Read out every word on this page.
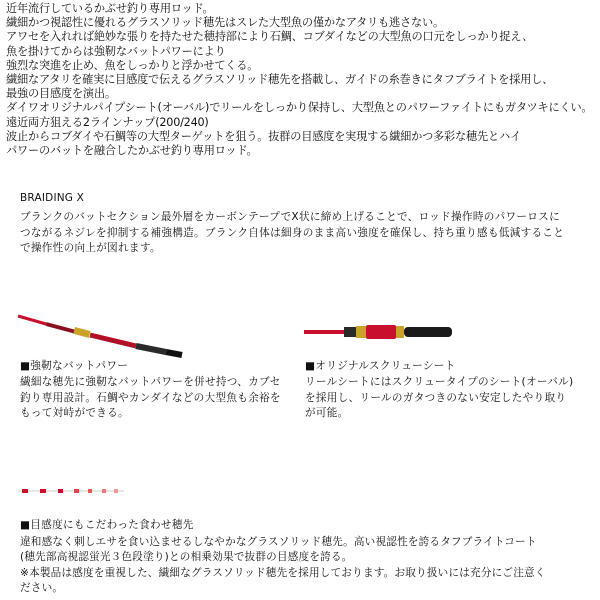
近年流行しているかぶせ釣り専用ロッド。
繊細かつ視認性に優れるグラスソリッド穂先はスレた大型魚の僅かなアタリも逃さない。
アワセを入れれば絶妙な張りを持たせた穂持部により石鯛、コブダイなどの大型魚の口元をしっかり捉え、
魚を掛けてからは強靭なバットパワーにより
強烈な突進を止め、魚をしっかりと浮かせてくる。
繊細なアタリを確実に目感度で伝えるグラスソリッド穂先を搭載し、ガイドの糸巻きにタフブライトを採用し、
最強の目感度を演出。
ダイワオリジナルパイプシート(オーバル)でリールをしっかり保持し、大型魚とのパワーファイトにもガタツキにくい。
遠近両方狙える2ラインナップ(200/240)
波止からコブダイや石鯛等の大型ターゲットを狙う。抜群の目感度を実現する繊細かつ多彩な穂先とハイ
パワーのバットを融合したかぶせ釣り専用ロッド。
BRAIDING X
ブランクのバットセクション最外層をカーボンテープでX状に締め上げることで、ロッド操作時のパワーロスに
つながるネジレを抑制する補強構造。ブランク自体は細身のまま高い強度を確保し、持ち重り感も低減すること
で操作性の向上が図れます。
■強靭なバットパワー
繊細な穂先に強靭なバットパワーを併せ持つ、カブセ
釣り専用設計。石鯛やカンダイなどの大型魚も余裕を
もって対峙ができる。
■オリジナルスクリューシート
リールシートにはスクリュータイプのシート(オーバル)
を採用し、リールのガタつきのない安定したやり取り
が可能。
■目感度にもこだわった食わせ穂先
違和感なく刺しエサを食い込ませるしなやかなグラスソリッド穂先。高い視認性を誇るタフブライトコート
(穂先部高視認蛍光３色段塗り)との相乗効果で抜群の目感度を誇る。
※本製品は感度を重視した、繊細なグラスソリッド穂先を採用しております。お取り扱いには充分にご注意く
ださい。
